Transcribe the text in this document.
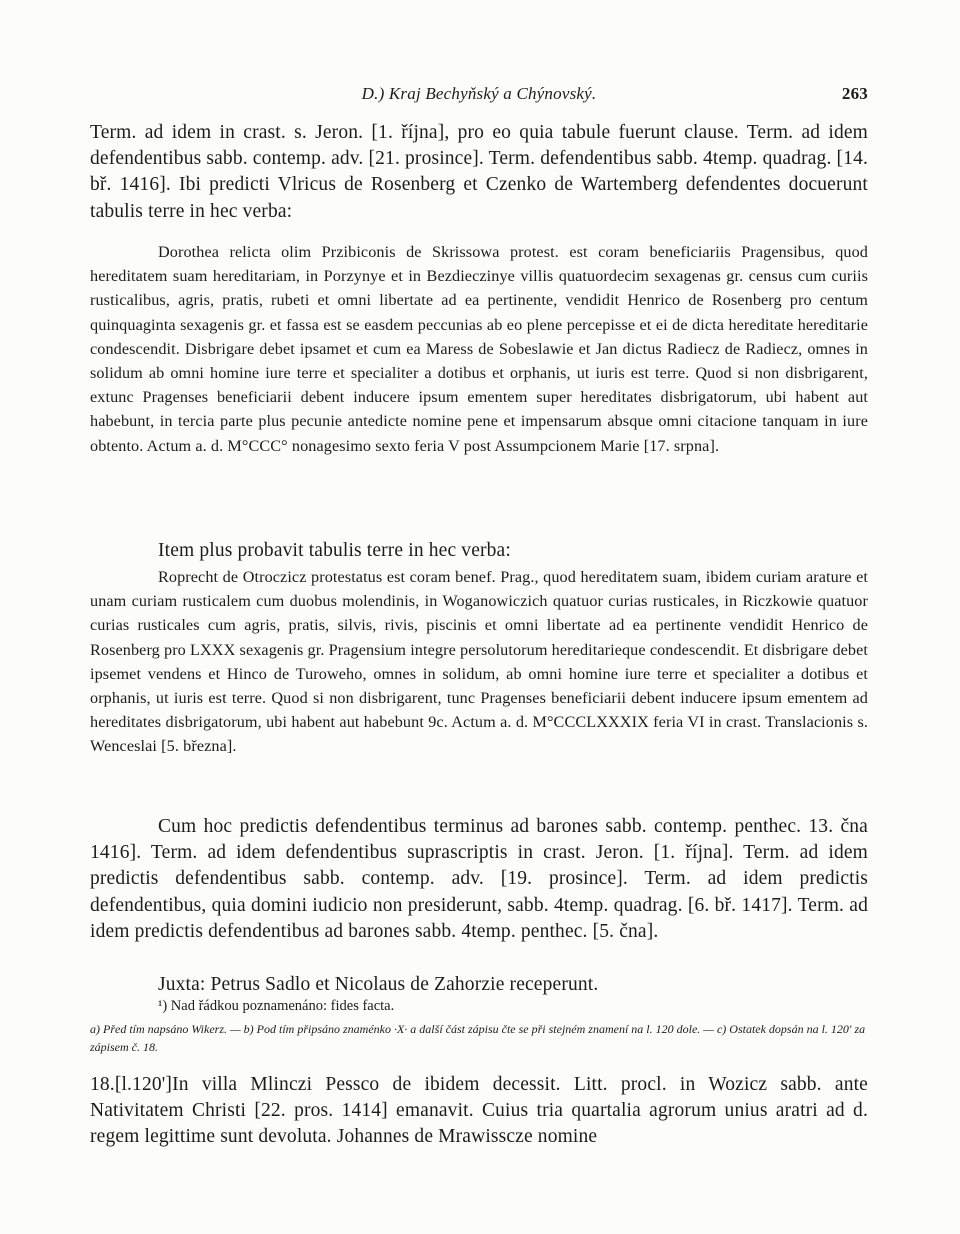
D.) Kraj Bechyňský a Chýnovský.	263

Term. ad idem in crast. s. Jeron. [1. října], pro eo quia tabule fuerunt clause. Term. ad idem defendentibus sabb. contemp. adv. [21. prosince]. Term. defendentibus sabb. 4temp. quadrag. [14. bř. 1416]. Ibi predicti Vlricus de Rosenberg et Czenko de Wartemberg defendentes docuerunt tabulis terre in hec verba:

Dorothea relicta olim Przibiconis de Skrissowa protest. est coram beneficiariis Pragensibus, quod hereditatem suam hereditariam, in Porzynye et in Bezdieczinye villis quatuordecim sexagenas gr. census cum curiis rusticalibus, agris, pratis, rubeti et omni libertate ad ea pertinente, vendidit Henrico de Rosenberg pro centum quinquaginta sexagenis gr. et fassa est se easdem peccunias ab eo plene percepisse et ei de dicta hereditate hereditarie condescendit. Disbrigare debet ipsamet et cum ea Maress de Sobeslawie et Jan dictus Radiecz de Radiecz, omnes in solidum ab omni homine iure terre et specialiter a dotibus et orphanis, ut iuris est terre. Quod si non disbrigarent, extunc Pragenses beneficiarii debent inducere ipsum ementem super hereditates disbrigatorum, ubi habent aut habebunt, in tercia parte plus pecunie antedicte nomine pene et impensarum absque omni citacione tanquam in iure obtento. Actum a. d. M°CCC° nonagesimo sexto feria V post Assumpcionem Marie [17. srpna].

Item plus probavit tabulis terre in hec verba:

Roprecht de Otroczicz protestatus est coram benef. Prag., quod hereditatem suam, ibidem curiam arature et unam curiam rusticalem cum duobus molendinis, in Woganowiczich quatuor curias rusticales, in Riczkowie quatuor curias rusticales cum agris, pratis, silvis, rivis, piscinis et omni libertate ad ea pertinente vendidit Henrico de Rosenberg pro LXXX sexagenis gr. Pragensium integre persolutorum hereditarieque condescendit. Et disbrigare debet ipsemet vendens et Hinco de Turoweho, omnes in solidum, ab omni homine iure terre et specialiter a dotibus et orphanis, ut iuris est terre. Quod si non disbrigarent, tunc Pragenses beneficiarii debent inducere ipsum ementem ad hereditates disbrigatorum, ubi habent aut habebunt 9c. Actum a. d. M°CCCLXXXIX feria VI in crast. Translacionis s. Wenceslai [5. března].

Cum hoc predictis defendentibus terminus ad barones sabb. contemp. penthec. 13. čna 1416]. Term. ad idem defendentibus suprascriptis in crast. Jeron. [1. října]. Term. ad idem predictis defendentibus sabb. contemp. adv. [19. prosince]. Term. ad idem predictis defendentibus, quia domini iudicio non presiderunt, sabb. 4temp. quadrag. [6. bř. 1417]. Term. ad idem predictis defendentibus ad barones sabb. 4temp. penthec. [5. čna].

Juxta: Petrus Sadlo et Nicolaus de Zahorzie receperunt.

¹) Nad řádkou poznamenáno: fides facta.

a) Před tím napsáno Wikerz. — b) Pod tím připsáno znaménko ·X· a další část zápisu čte se při stejném znamení na l. 120 dole. — c) Ostatek dopsán na l. 120' za zápisem č. 18.

18.[l.120']In villa Mlinczi Pessco de ibidem decessit. Litt. procl. in Wozicz sabb. ante Nativitatem Christi [22. pros. 1414] emanavit. Cuius tria quartalia agrorum unius aratri ad d. regem legittime sunt devoluta. Johannes de Mrawisscze nomine
